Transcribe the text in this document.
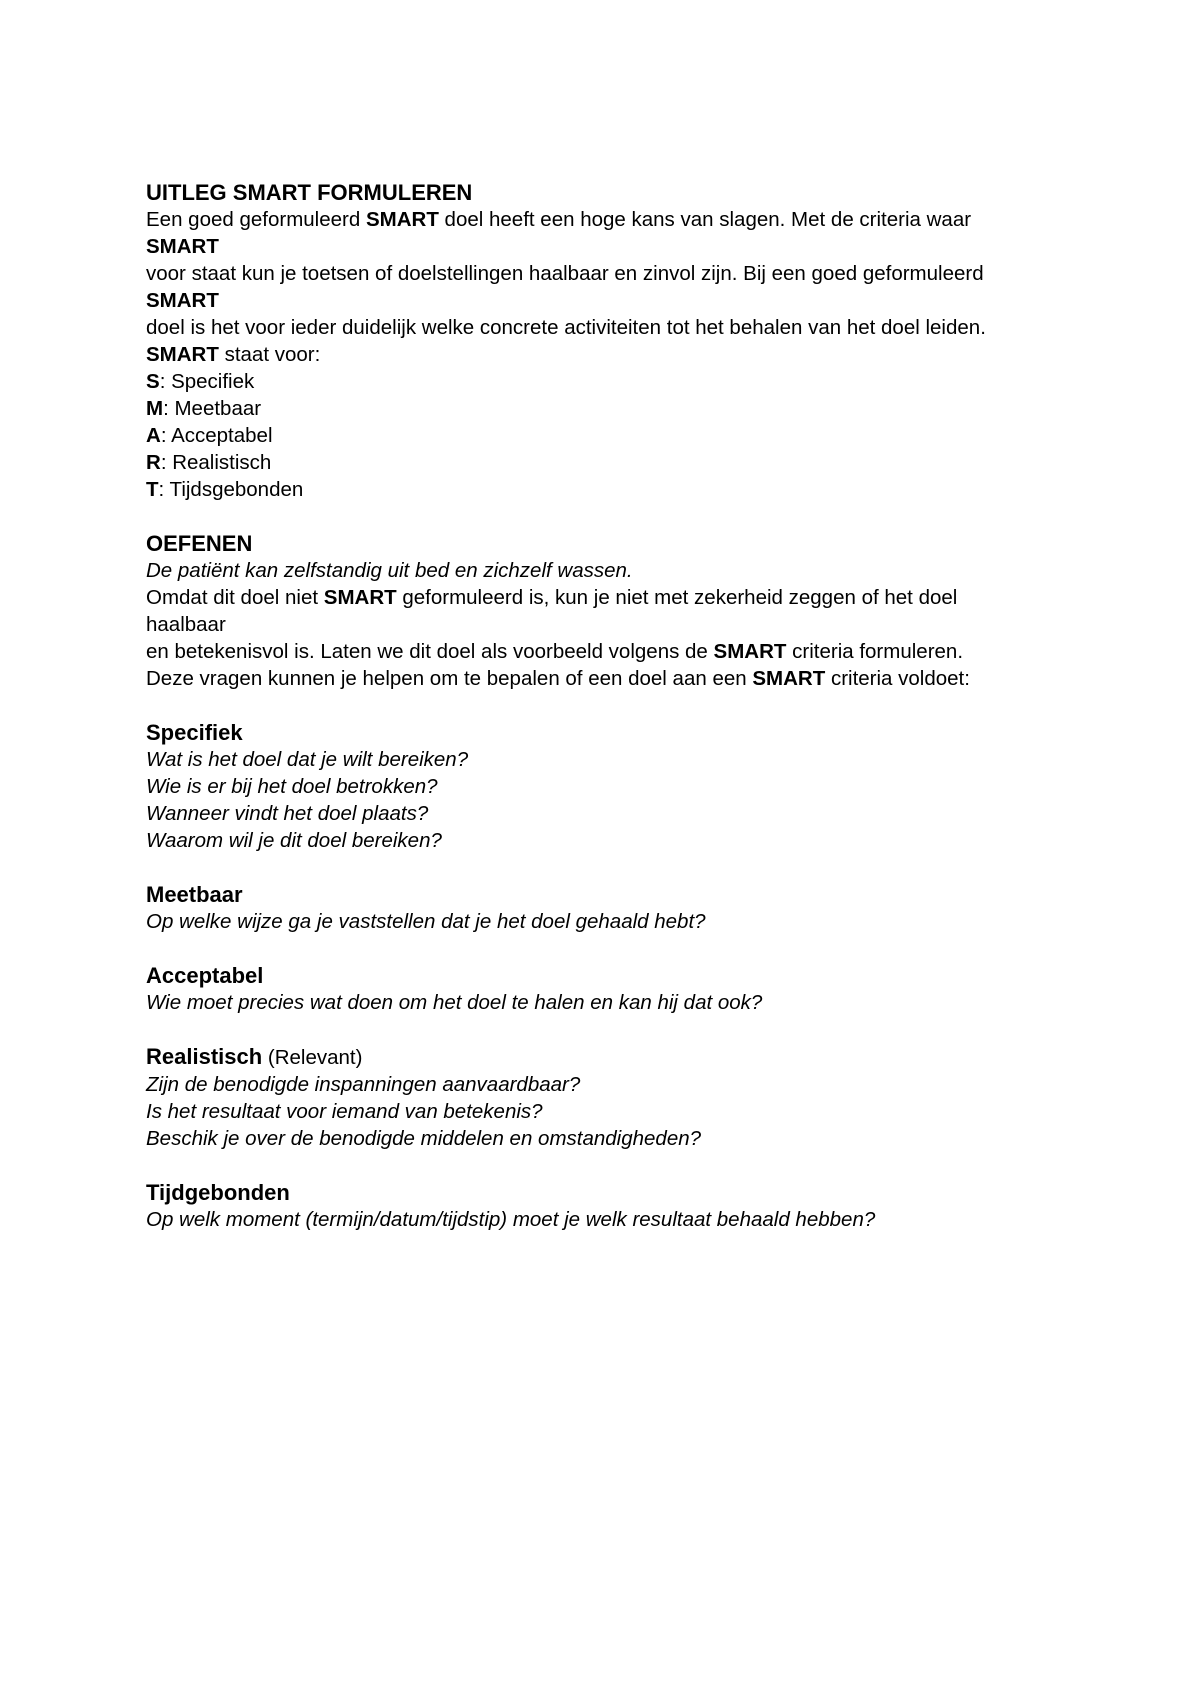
UITLEG SMART FORMULEREN
Een goed geformuleerd SMART doel heeft een hoge kans van slagen. Met de criteria waar
SMART
voor staat kun je toetsen of doelstellingen haalbaar en zinvol zijn. Bij een goed geformuleerd
SMART
doel is het voor ieder duidelijk welke concrete activiteiten tot het behalen van het doel leiden.
SMART staat voor:
S: Specifiek
M: Meetbaar
A: Acceptabel
R: Realistisch
T: Tijdsgebonden
OEFENEN
De patiënt kan zelfstandig uit bed en zichzelf wassen.
Omdat dit doel niet SMART geformuleerd is, kun je niet met zekerheid zeggen of het doel
haalbaar
en betekenisvol is. Laten we dit doel als voorbeeld volgens de SMART criteria formuleren.
Deze vragen kunnen je helpen om te bepalen of een doel aan een SMART criteria voldoet:
Specifiek
Wat is het doel dat je wilt bereiken?
Wie is er bij het doel betrokken?
Wanneer vindt het doel plaats?
Waarom wil je dit doel bereiken?
Meetbaar
Op welke wijze ga je vaststellen dat je het doel gehaald hebt?
Acceptabel
Wie moet precies wat doen om het doel te halen en kan hij dat ook?
Realistisch (Relevant)
Zijn de benodigde inspanningen aanvaardbaar?
Is het resultaat voor iemand van betekenis?
Beschik je over de benodigde middelen en omstandigheden?
Tijdgebonden
Op welk moment (termijn/datum/tijdstip) moet je welk resultaat behaald hebben?
